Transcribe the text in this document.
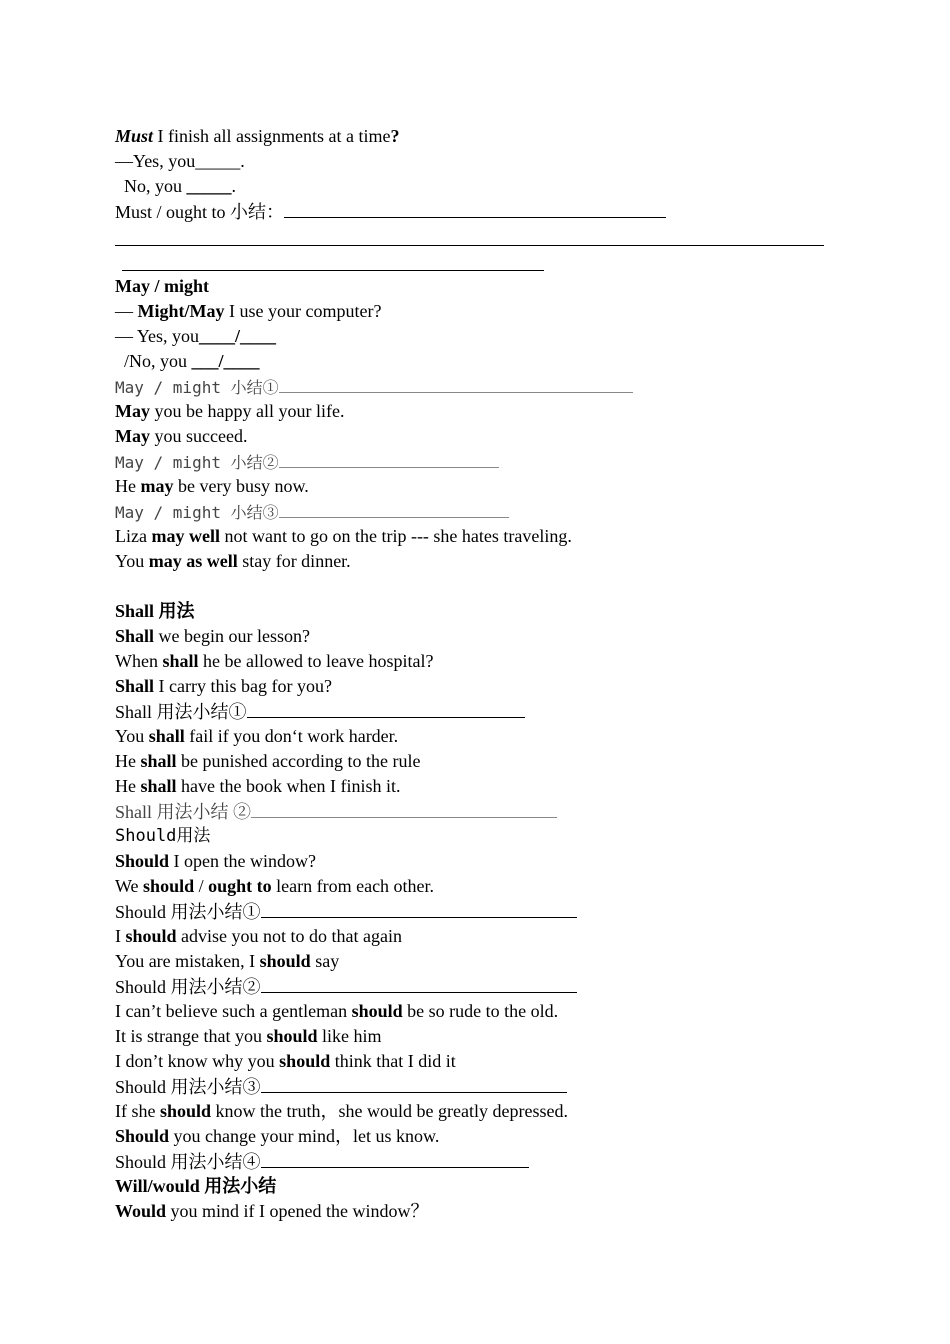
Must I finish all assignments at a time?
—Yes, you_____.
No, you _____.
Must / ought to 小结：
May / might
— Might/May I use your computer?
— Yes, you____/____
/No, you ___/____
May / might 小结①
May you be happy all your life.
May you succeed.
May / might 小结②
He may be very busy now.
May / might 小结③
Liza may well not want to go on the trip --- she hates traveling.
You may as well stay for dinner.
Shall 用法
Shall we begin our lesson?
When shall he be allowed to leave hospital?
Shall I carry this bag for you?
Shall 用法小结①
You shall fail if you don‘t work harder.
He shall be punished according to the rule
He shall have the book when I finish it.
Shall 用法小结 ②
Should用法
Should I open the window?
We should / ought to learn from each other.
Should 用法小结①
I should advise you not to do that again
You are mistaken, I should say
Should 用法小结②
I can’t believe such a gentleman should be so rude to the old.
It is strange that you should like him
I don’t know why you should think that I did it
Should 用法小结③
If she should know the truth，she would be greatly depressed.
Should you change your mind，let us know.
Should 用法小结④
Will/would 用法小结
Would you mind if I opened the window？
